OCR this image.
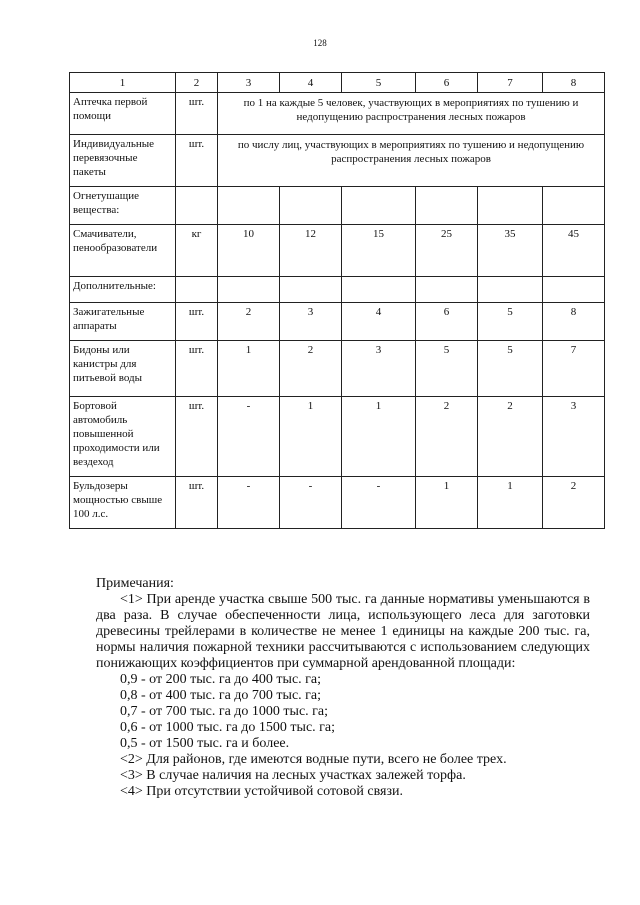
128
1	2	3	4	5	6	7	8
Аптечка первой помощи	шт.	по 1 на каждые 5 человек, участвующих в мероприятиях по тушению и недопущению распространения лесных пожаров					
Индивидуальные перевязочные пакеты	шт.	по числу лиц, участвующих в мероприятиях по тушению и недопущению распространения лесных пожаров					
Огнетушащие вещества:							
Смачиватели, пенообразователи	кг	10	12	15	25	35	45
Дополнительные:							
Зажигательные аппараты	шт.	2	3	4	6	5	8
Бидоны или канистры для питьевой воды	шт.	1	2	3	5	5	7
Бортовой автомобиль повышенной проходимости или вездеход	шт.	-	1	1	2	2	3
Бульдозеры мощностью свыше 100 л.с.	шт.	-	-	-	1	1	2

Примечания:

<1> При аренде участка свыше 500 тыс. га данные нормативы уменьшаются в два раза. В случае обеспеченности лица, использующего леса для заготовки древесины трейлерами в количестве не менее 1 единицы на каждые 200 тыс. га, нормы наличия пожарной техники рассчитываются с использованием следующих понижающих коэффициентов при суммарной арендованной площади:

0,9 - от 200 тыс. га до 400 тыс. га;

0,8 - от 400 тыс. га до 700 тыс. га;

0,7 - от 700 тыс. га до 1000 тыс. га;

0,6 - от 1000 тыс. га до 1500 тыс. га;

0,5 - от 1500 тыс. га и более.

<2> Для районов, где имеются водные пути, всего не более трех.

<3> В случае наличия на лесных участках залежей торфа.

<4> При отсутствии устойчивой сотовой связи.
